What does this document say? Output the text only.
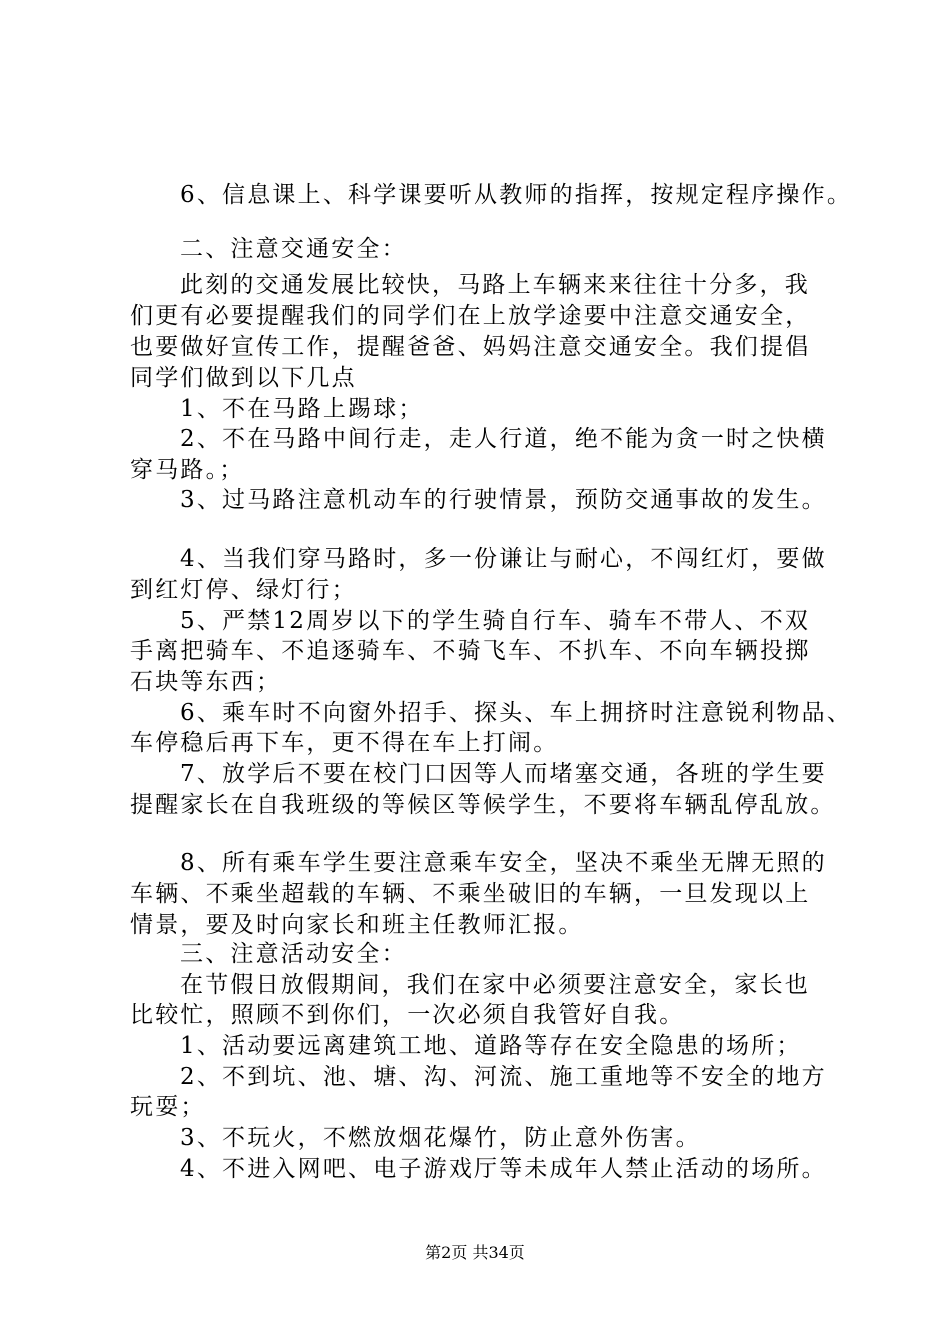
6、信息课上、科学课要听从教师的指挥，按规定程序操作。
二、注意交通安全：
此刻的交通发展比较快，马路上车辆来来往往十分多，我
们更有必要提醒我们的同学们在上放学途要中注意交通安全，
也要做好宣传工作，提醒爸爸、妈妈注意交通安全。我们提倡
同学们做到以下几点
1、不在马路上踢球；
2、不在马路中间行走，走人行道，绝不能为贪一时之快横
穿马路。；
3、过马路注意机动车的行驶情景，预防交通事故的发生。
4、当我们穿马路时，多一份谦让与耐心，不闯红灯，要做
到红灯停、绿灯行；
5、严禁12周岁以下的学生骑自行车、骑车不带人、不双
手离把骑车、不追逐骑车、不骑飞车、不扒车、不向车辆投掷
石块等东西；
6、乘车时不向窗外招手、探头、车上拥挤时注意锐利物品、
车停稳后再下车，更不得在车上打闹。
7、放学后不要在校门口因等人而堵塞交通，各班的学生要
提醒家长在自我班级的等候区等候学生，不要将车辆乱停乱放。
8、所有乘车学生要注意乘车安全，坚决不乘坐无牌无照的
车辆、不乘坐超载的车辆、不乘坐破旧的车辆，一旦发现以上
情景，要及时向家长和班主任教师汇报。
三、注意活动安全：
在节假日放假期间，我们在家中必须要注意安全，家长也
比较忙，照顾不到你们，一次必须自我管好自我。
1、活动要远离建筑工地、道路等存在安全隐患的场所；
2、不到坑、池、塘、沟、河流、施工重地等不安全的地方
玩耍；
3、不玩火，不燃放烟花爆竹，防止意外伤害。
4、不进入网吧、电子游戏厅等未成年人禁止活动的场所。
第2页 共34页
